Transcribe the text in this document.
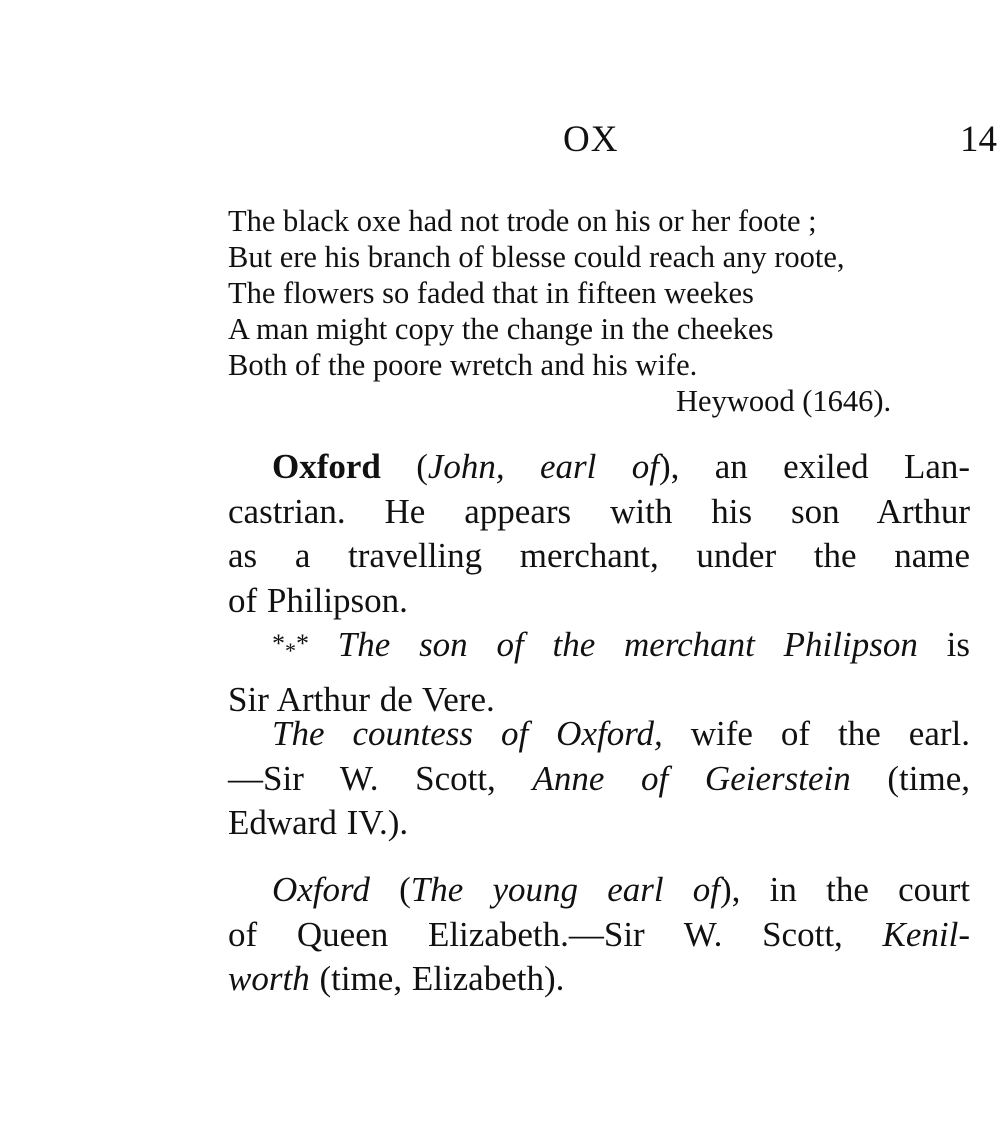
OX	14
The black oxe had not trode on his or her foote ;
But ere his branch of blesse could reach any roote,
The flowers so faded that in fifteen weekes
A man might copy the change in the cheekes
Both of the poore wretch and his wife.
Heywood (1646).
Oxford (John, earl of), an exiled Lan-
castrian. He appears with his son Arthur
as a travelling merchant, under the name
of Philipson.
$*_**$ The son of the merchant Philipson is
Sir Arthur de Vere.
The countess of Oxford, wife of the earl.
—Sir W. Scott, Anne of Geierstein (time,
Edward IV.).
Oxford (The young earl of), in the court
of Queen Elizabeth.—Sir W. Scott, Kenil-
worth (time, Elizabeth).
